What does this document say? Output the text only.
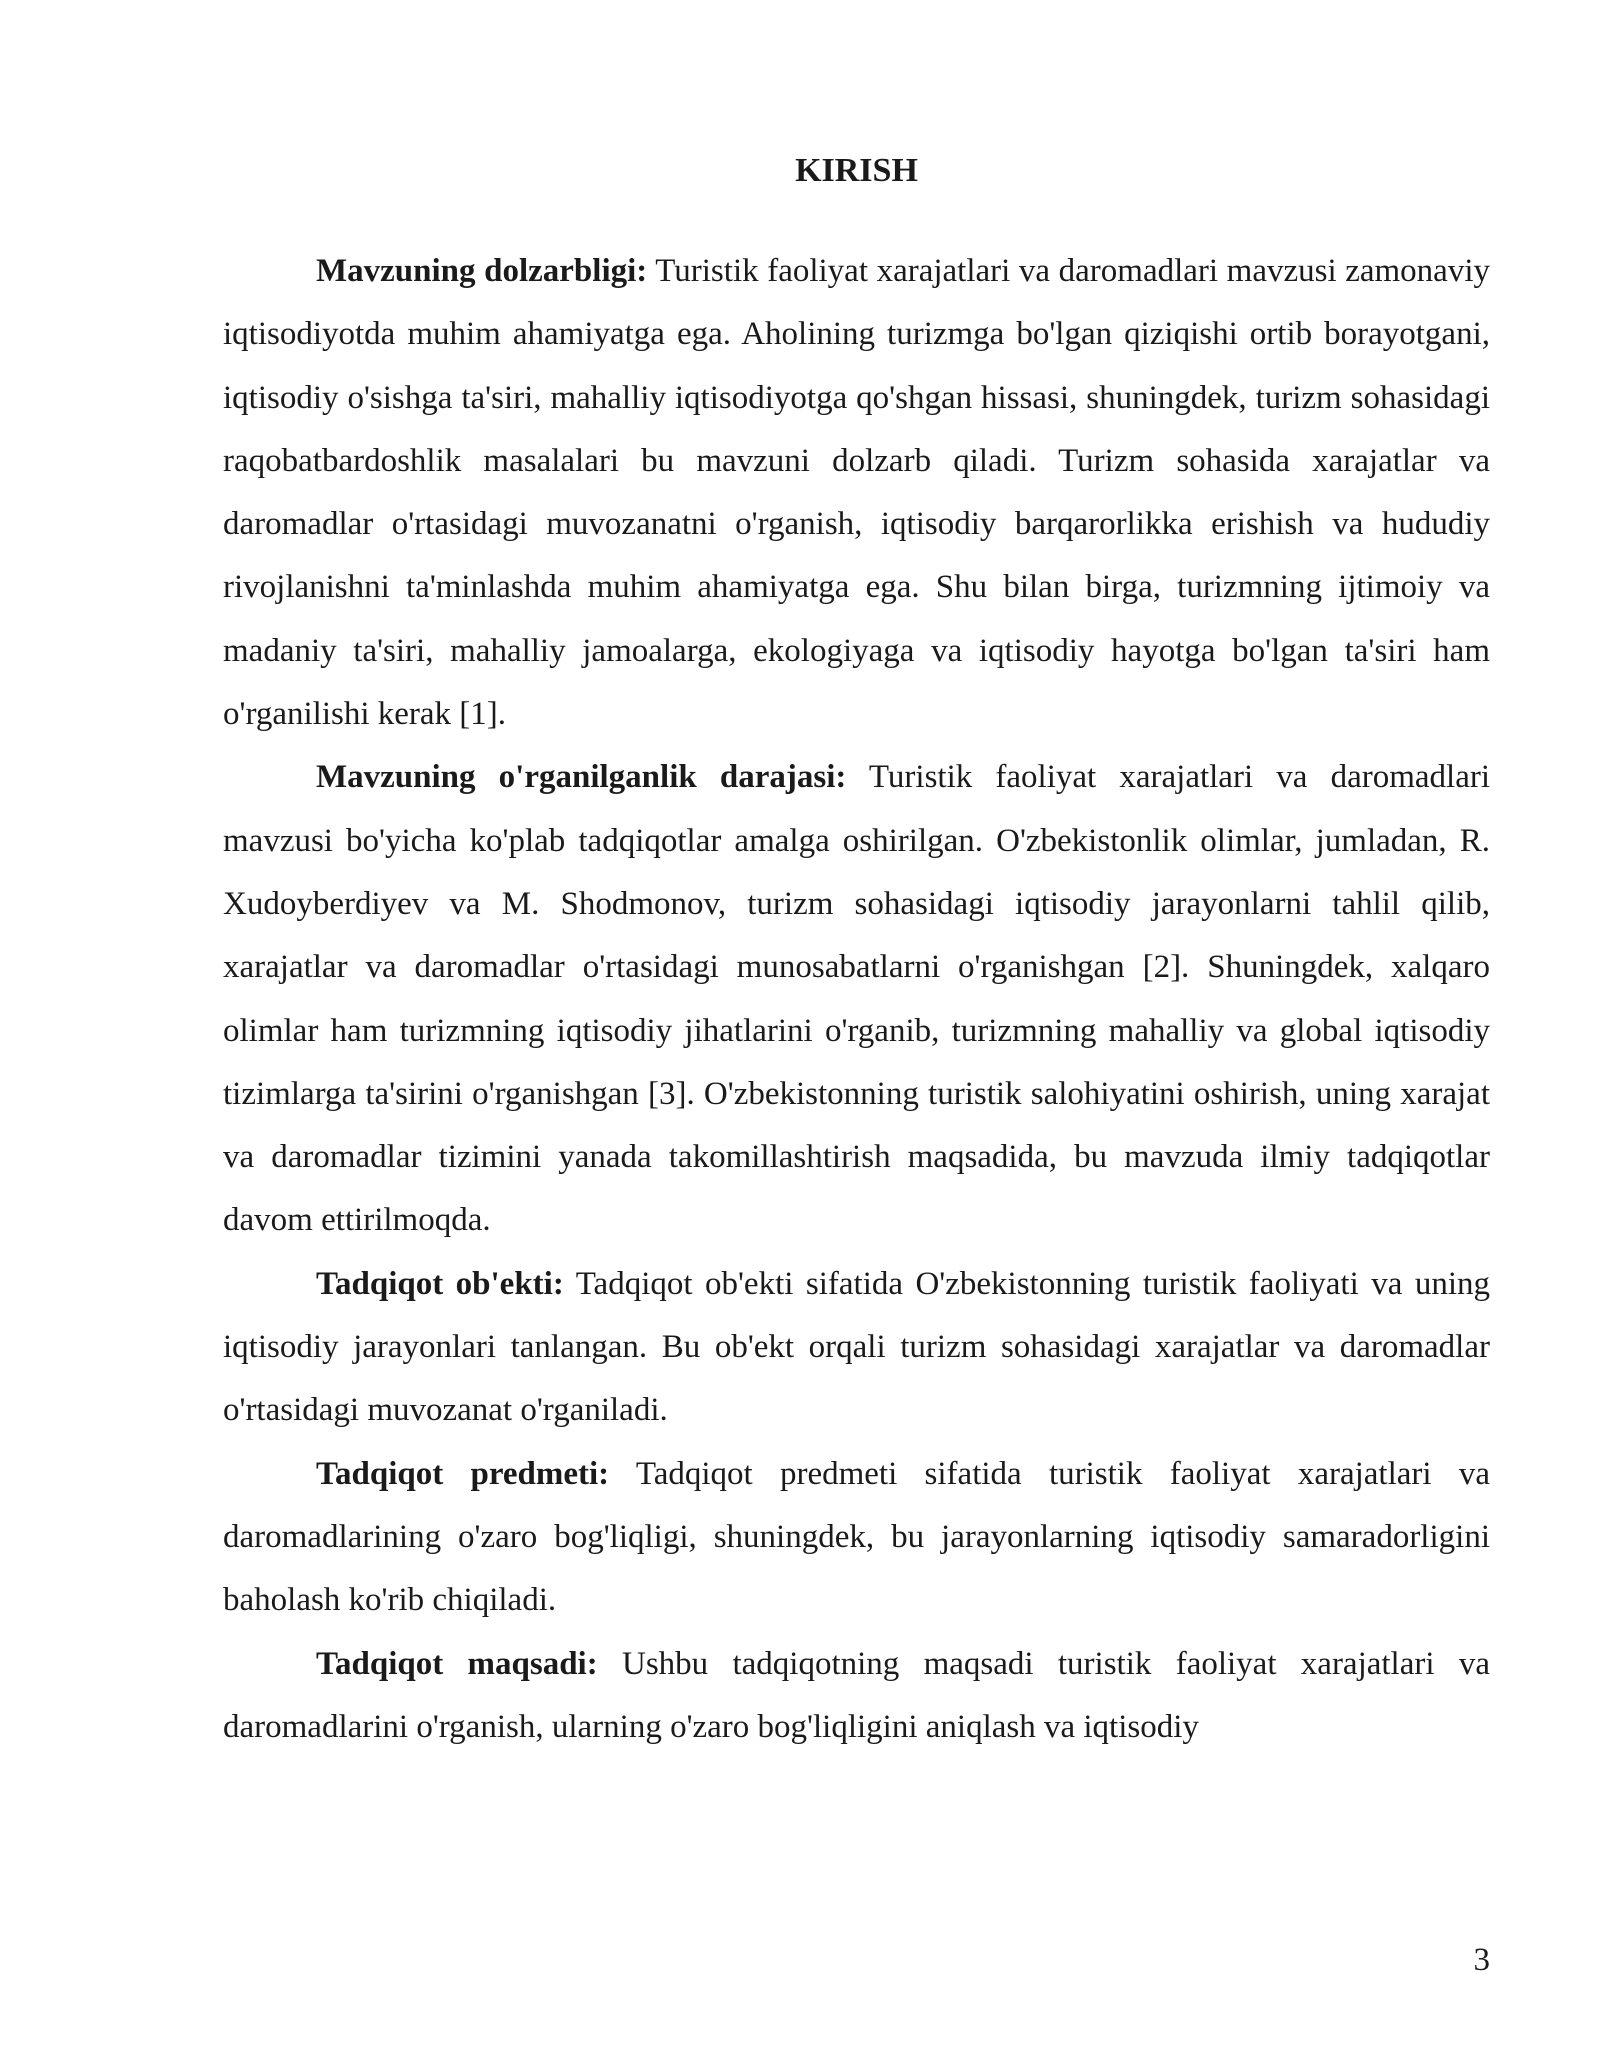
KIRISH

Mavzuning dolzarbligi: Turistik faoliyat xarajatlari va daromadlari mavzusi zamonaviy iqtisodiyotda muhim ahamiyatga ega. Aholining turizmga bo'lgan qiziqishi ortib borayotgani, iqtisodiy o'sishga ta'siri, mahalliy iqtisodiyotga qo'shgan hissasi, shuningdek, turizm sohasidagi raqobatbardoshlik masalalari bu mavzuni dolzarb qiladi. Turizm sohasida xarajatlar va daromadlar o'rtasidagi muvozanatni o'rganish, iqtisodiy barqarorlikka erishish va hududiy rivojlanishni ta'minlashda muhim ahamiyatga ega. Shu bilan birga, turizmning ijtimoiy va madaniy ta'siri, mahalliy jamoalarga, ekologiyaga va iqtisodiy hayotga bo'lgan ta'siri ham o'rganilishi kerak [1].

Mavzuning o'rganilganlik darajasi: Turistik faoliyat xarajatlari va daromadlari mavzusi bo'yicha ko'plab tadqiqotlar amalga oshirilgan. O'zbekistonlik olimlar, jumladan, R. Xudoyberdiyev va M. Shodmonov, turizm sohasidagi iqtisodiy jarayonlarni tahlil qilib, xarajatlar va daromadlar o'rtasidagi munosabatlarni o'rganishgan [2]. Shuningdek, xalqaro olimlar ham turizmning iqtisodiy jihatlarini o'rganib, turizmning mahalliy va global iqtisodiy tizimlarga ta'sirini o'rganishgan [3]. O'zbekistonning turistik salohiyatini oshirish, uning xarajat va daromadlar tizimini yanada takomillashtirish maqsadida, bu mavzuda ilmiy tadqiqotlar davom ettirilmoqda.

Tadqiqot ob'ekti: Tadqiqot ob'ekti sifatida O'zbekistonning turistik faoliyati va uning iqtisodiy jarayonlari tanlangan. Bu ob'ekt orqali turizm sohasidagi xarajatlar va daromadlar o'rtasidagi muvozanat o'rganiladi.

Tadqiqot predmeti: Tadqiqot predmeti sifatida turistik faoliyat xarajatlari va daromadlarining o'zaro bog'liqligi, shuningdek, bu jarayonlarning iqtisodiy samaradorligini baholash ko'rib chiqiladi.

Tadqiqot maqsadi: Ushbu tadqiqotning maqsadi turistik faoliyat xarajatlari va daromadlarini o'rganish, ularning o'zaro bog'liqligini aniqlash va iqtisodiy

3
